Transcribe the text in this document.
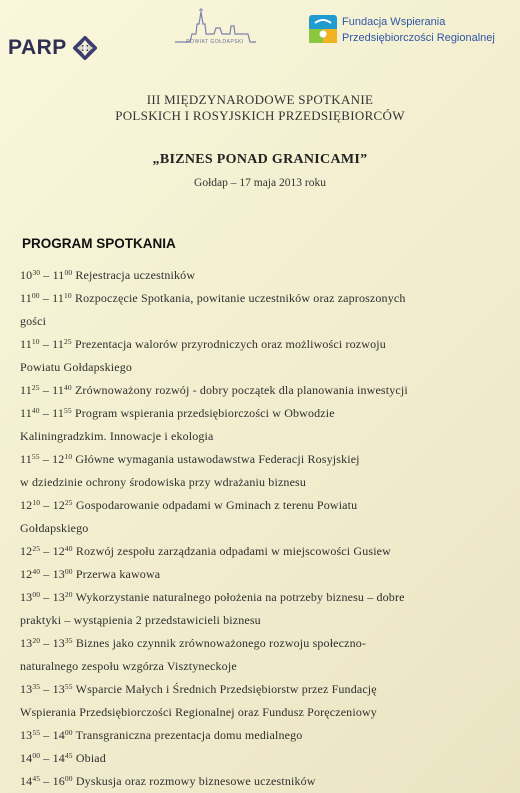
PARP	POWIAT GOŁDAPSKI
Fundacja Wspierania
Przedsiębiorczości Regionalnej
III MIĘDZYNARODOWE SPOTKANIE
POLSKICH I ROSYJSKICH PRZEDSIĘBIORCÓW
„BIZNES PONAD GRANICAMI”
Gołdap – 17 maja 2013 roku
PROGRAM SPOTKANIA
$10^{30} - 11^{00}$ Rejestracja uczestników
$11^{00} - 11^{10}$ Rozpoczęcie Spotkania, powitanie uczestników oraz zaproszonych
gości
$11^{10} - 11^{25}$ Prezentacja walorów przyrodniczych oraz możliwości rozwoju
Powiatu Gołdapskiego
$11^{25} - 11^{40}$ Zrównoważony rozwój - dobry początek dla planowania inwestycji
$11^{40} - 11^{55}$ Program wspierania przedsiębiorczości w Obwodzie
Kaliningradzkim. Innowacje i ekologia
$11^{55} - 12^{10}$ Główne wymagania ustawodawstwa Federacji Rosyjskiej
w dziedzinie ochrony środowiska przy wdrażaniu biznesu
$12^{10} - 12^{25}$ Gospodarowanie odpadami w Gminach z terenu Powiatu
Gołdapskiego
$12^{25} - 12^{40}$ Rozwój zespołu zarządzania odpadami w miejscowości Gusiew
$12^{40} - 13^{00}$ Przerwa kawowa
$13^{00} - 13^{20}$ Wykorzystanie naturalnego położenia na potrzeby biznesu – dobre
praktyki – wystąpienia 2 przedstawicieli biznesu
$13^{20} - 13^{35}$ Biznes jako czynnik zrównoważonego rozwoju społeczno-
naturalnego zespołu wzgórza Visztyneckoje
$13^{35} - 13^{55}$ Wsparcie Małych i Średnich Przedsiębiorstw przez Fundację
Wspierania Przedsiębiorczości Regionalnej oraz Fundusz Poręczeniowy
$13^{55} - 14^{00}$ Transgraniczna prezentacja domu medialnego
$14^{00} - 14^{45}$ Obiad
$14^{45} - 16^{00}$ Dyskusja oraz rozmowy biznesowe uczestników
